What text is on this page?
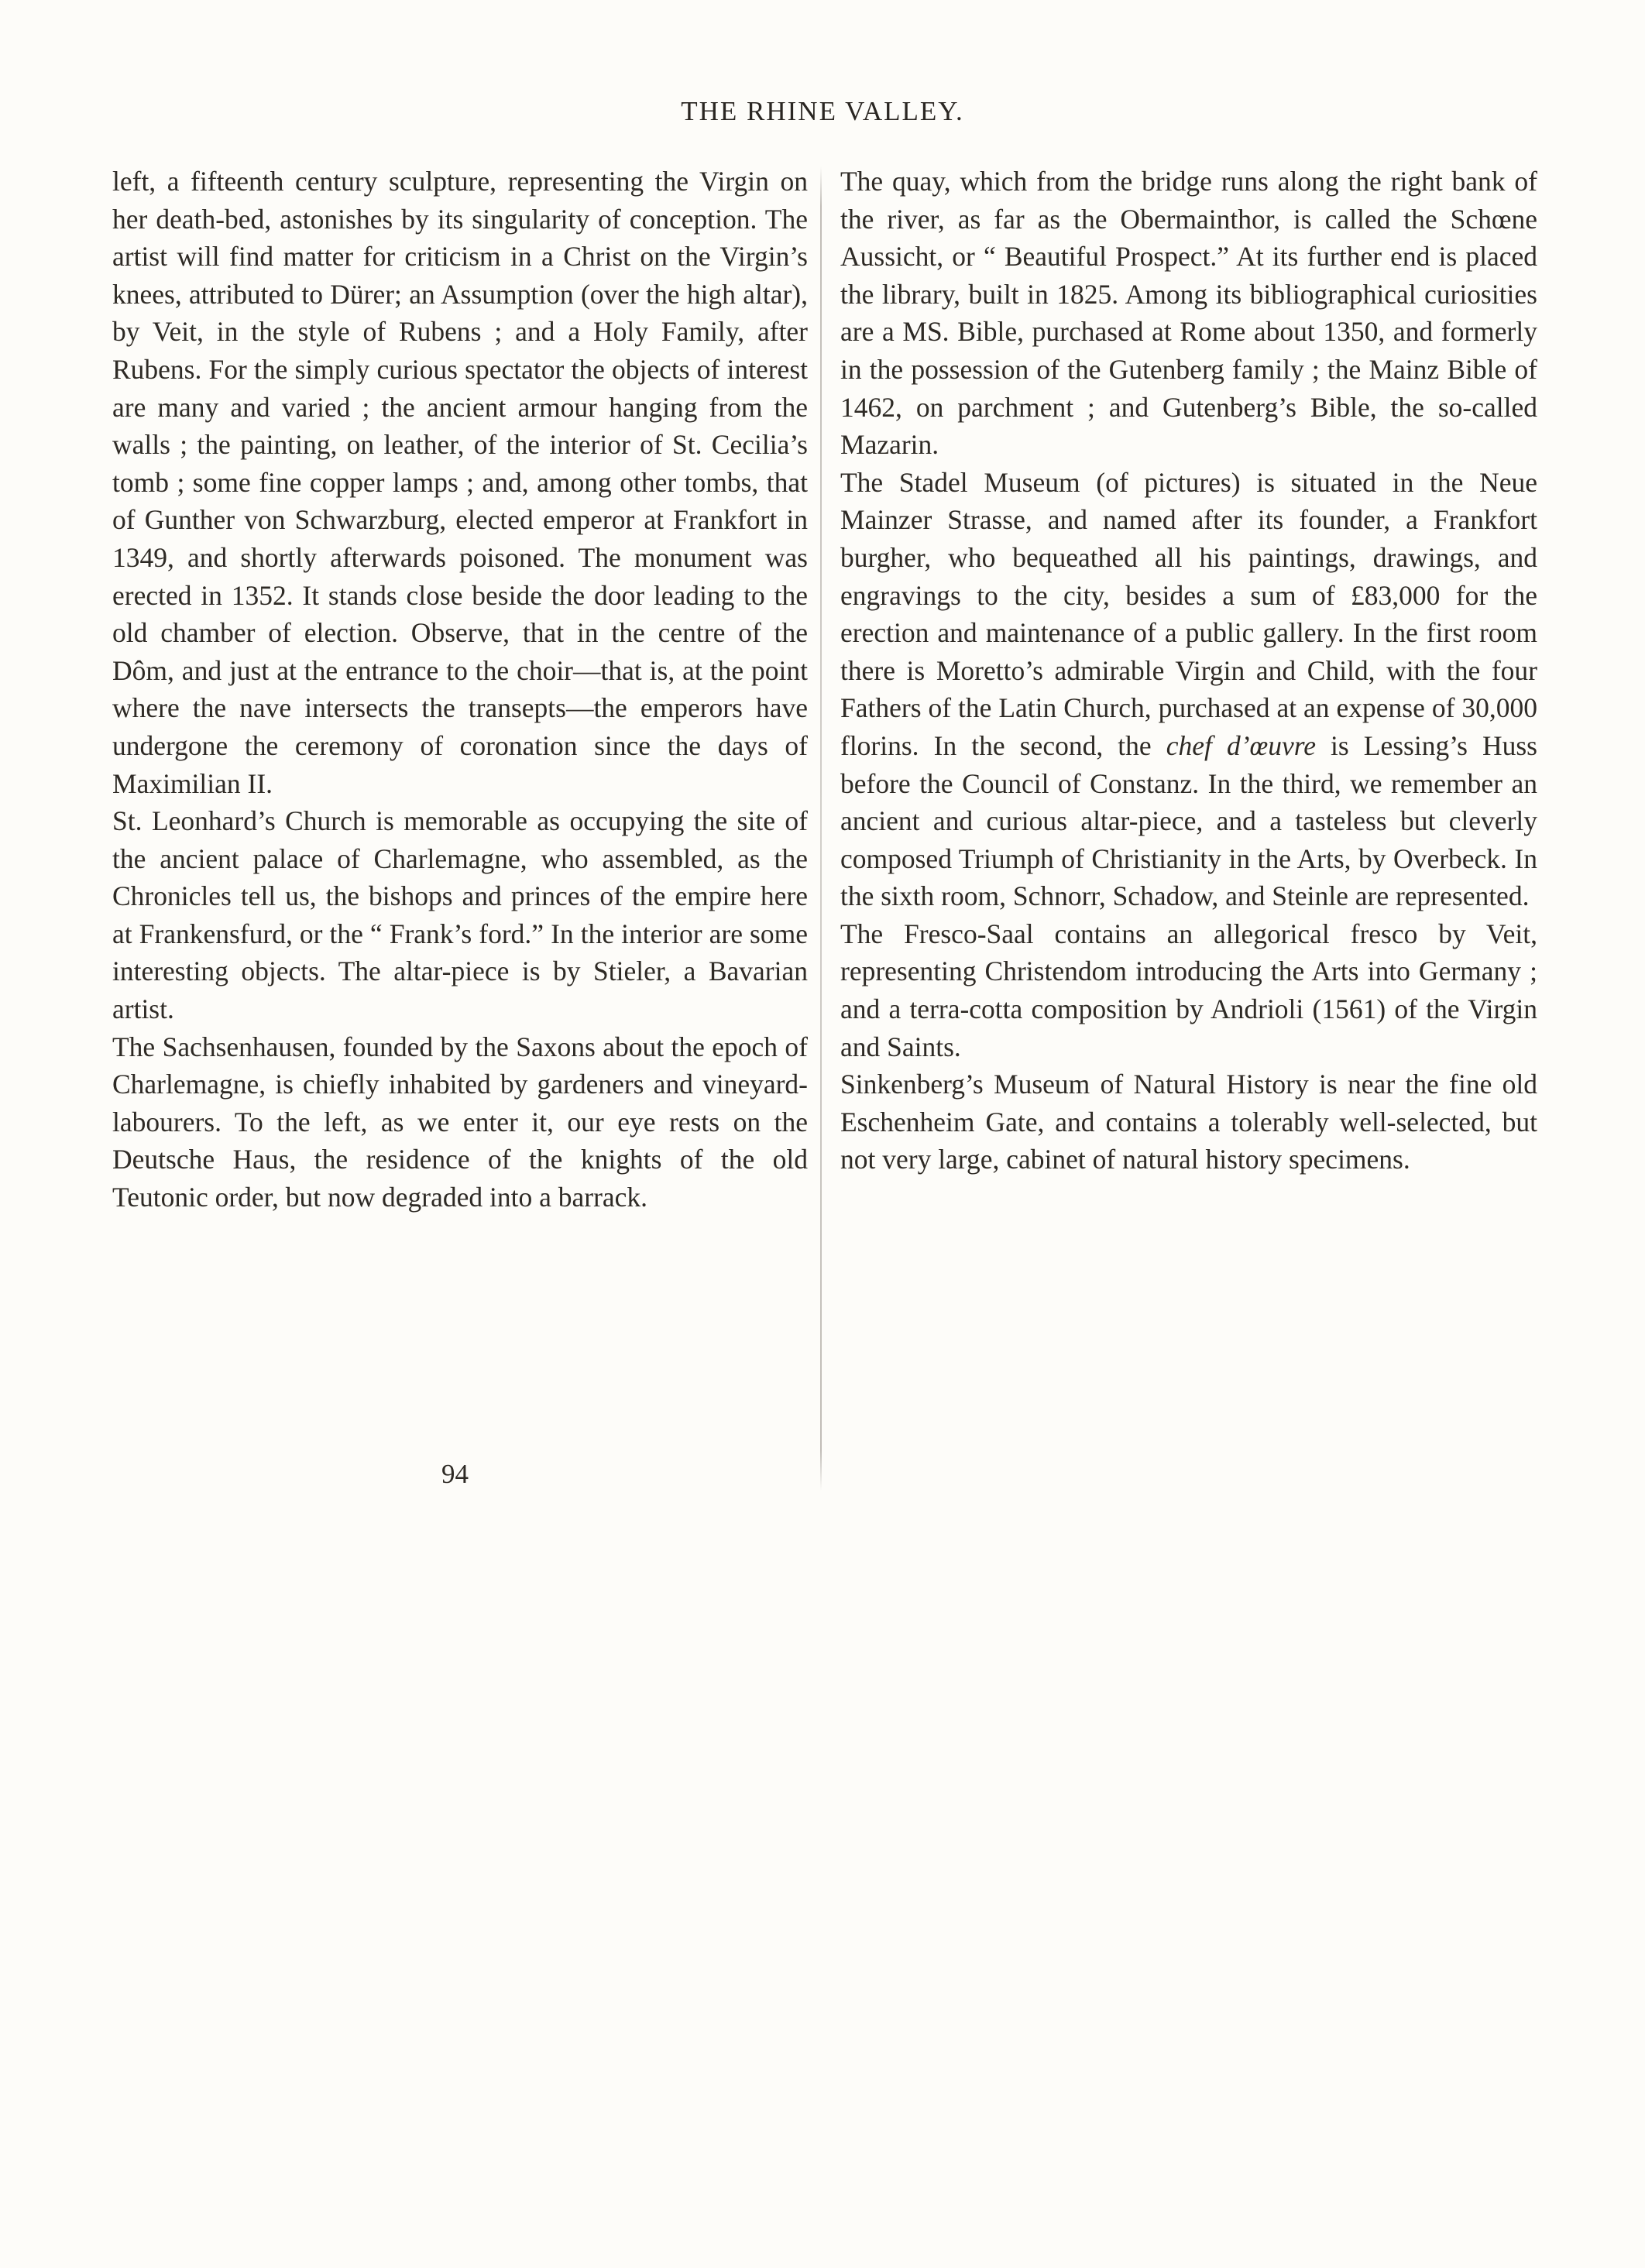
THE RHINE VALLEY.

left, a fifteenth century sculpture, representing the Virgin on her death-bed, astonishes by its singularity of conception. The artist will find matter for criticism in a Christ on the Virgin’s knees, attributed to Dürer; an Assumption (over the high altar), by Veit, in the style of Rubens ; and a Holy Family, after Rubens. For the simply curious spectator the objects of interest are many and varied ; the ancient armour hanging from the walls ; the painting, on leather, of the interior of St. Cecilia’s tomb ; some fine copper lamps ; and, among other tombs, that of Gunther von Schwarzburg, elected emperor at Frankfort in 1349, and shortly afterwards poisoned. The monument was erected in 1352. It stands close beside the door leading to the old chamber of election. Observe, that in the centre of the Dôm, and just at the entrance to the choir—that is, at the point where the nave intersects the transepts—the emperors have undergone the ceremony of coronation since the days of Maximilian II.

St. Leonhard’s Church is memorable as occupying the site of the ancient palace of Charlemagne, who assembled, as the Chronicles tell us, the bishops and princes of the empire here at Frankensfurd, or the “ Frank’s ford.” In the interior are some interesting objects. The altar-piece is by Stieler, a Bavarian artist.

The Sachsenhausen, founded by the Saxons about the epoch of Charlemagne, is chiefly inhabited by gardeners and vineyard-labourers. To the left, as we enter it, our eye rests on the Deutsche Haus, the residence of the knights of the old Teutonic order, but now degraded into a barrack.

The quay, which from the bridge runs along the right bank of the river, as far as the Obermainthor, is called the Schœne Aussicht, or “ Beautiful Prospect.” At its further end is placed the library, built in 1825. Among its bibliographical curiosities are a MS. Bible, purchased at Rome about 1350, and formerly in the possession of the Gutenberg family ; the Mainz Bible of 1462, on parchment ; and Gutenberg’s Bible, the so-called Mazarin.

The Stadel Museum (of pictures) is situated in the Neue Mainzer Strasse, and named after its founder, a Frankfort burgher, who bequeathed all his paintings, drawings, and engravings to the city, besides a sum of £83,000 for the erection and maintenance of a public gallery. In the first room there is Moretto’s admirable Virgin and Child, with the four Fathers of the Latin Church, purchased at an expense of 30,000 florins. In the second, the chef d’œuvre is Lessing’s Huss before the Council of Constanz. In the third, we remember an ancient and curious altar-piece, and a tasteless but cleverly composed Triumph of Christianity in the Arts, by Overbeck. In the sixth room, Schnorr, Schadow, and Steinle are represented.

The Fresco-Saal contains an allegorical fresco by Veit, representing Christendom introducing the Arts into Germany ; and a terra-cotta composition by Andrioli (1561) of the Virgin and Saints.

Sinkenberg’s Museum of Natural History is near the fine old Eschenheim Gate, and contains a tolerably well-selected, but not very large, cabinet of natural history specimens.

94
